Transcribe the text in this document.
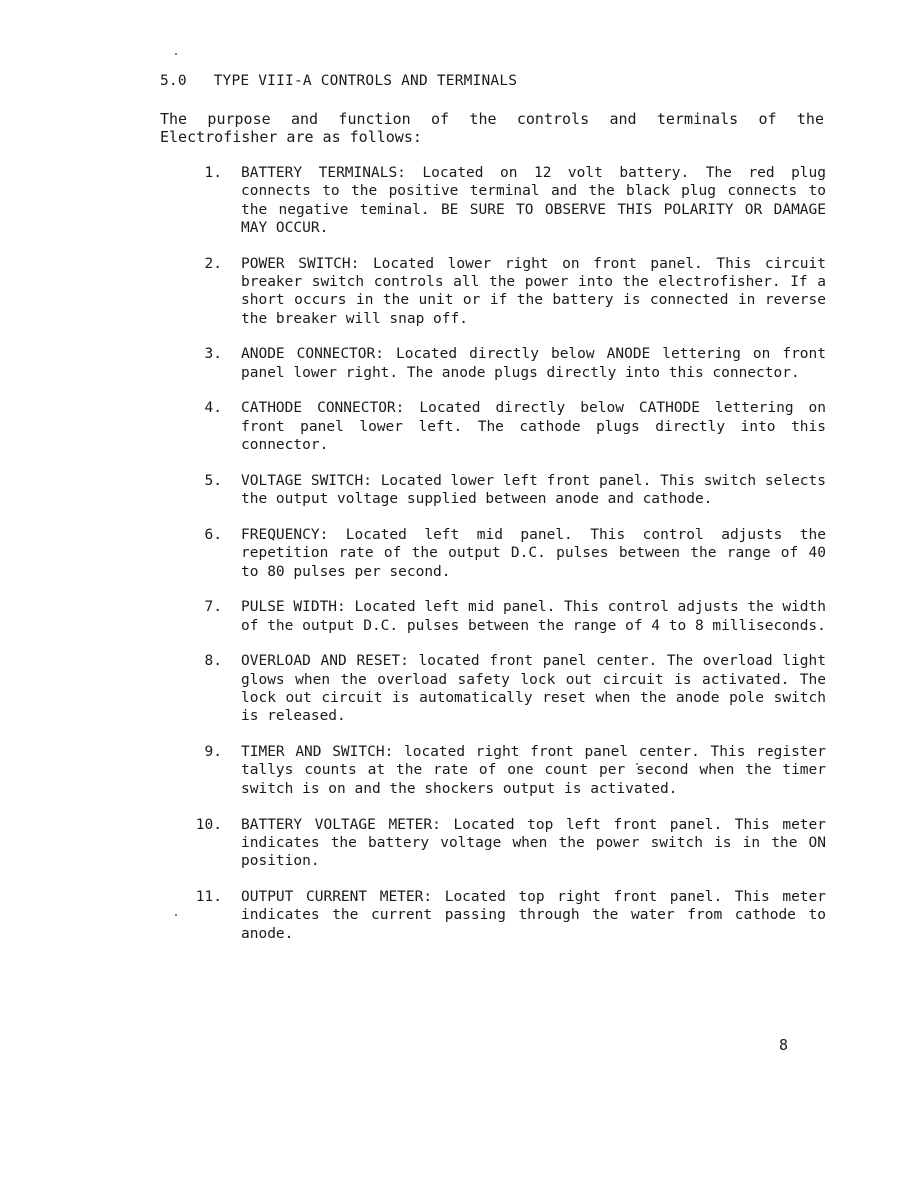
5.0 TYPE VIII-A CONTROLS AND TERMINALS
The purpose and function of the controls and terminals of the Electrofisher are as follows:
1. BATTERY TERMINALS: Located on 12 volt battery. The red plug connects to the positive terminal and the black plug connects to the negative teminal. BE SURE TO OBSERVE THIS POLARITY OR DAMAGE MAY OCCUR.
2. POWER SWITCH: Located lower right on front panel. This circuit breaker switch controls all the power into the electrofisher. If a short occurs in the unit or if the battery is connected in reverse the breaker will snap off.
3. ANODE CONNECTOR: Located directly below ANODE lettering on front panel lower right. The anode plugs directly into this connector.
4. CATHODE CONNECTOR: Located directly below CATHODE lettering on front panel lower left. The cathode plugs directly into this connector.
5. VOLTAGE SWITCH: Located lower left front panel. This switch selects the output voltage supplied between anode and cathode.
6. FREQUENCY: Located left mid panel. This control adjusts the repetition rate of the output D.C. pulses between the range of 40 to 80 pulses per second.
7. PULSE WIDTH: Located left mid panel. This control adjusts the width of the output D.C. pulses between the range of 4 to 8 milliseconds.
8. OVERLOAD AND RESET: located front panel center. The overload light glows when the overload safety lock out circuit is activated. The lock out circuit is automatically reset when the anode pole switch is released.
9. TIMER AND SWITCH: located right front panel center. This register tallys counts at the rate of one count per second when the timer switch is on and the shockers output is activated.
10. BATTERY VOLTAGE METER: Located top left front panel. This meter indicates the battery voltage when the power switch is in the ON position.
11. OUTPUT CURRENT METER: Located top right front panel. This meter indicates the current passing through the water from cathode to anode.
8
